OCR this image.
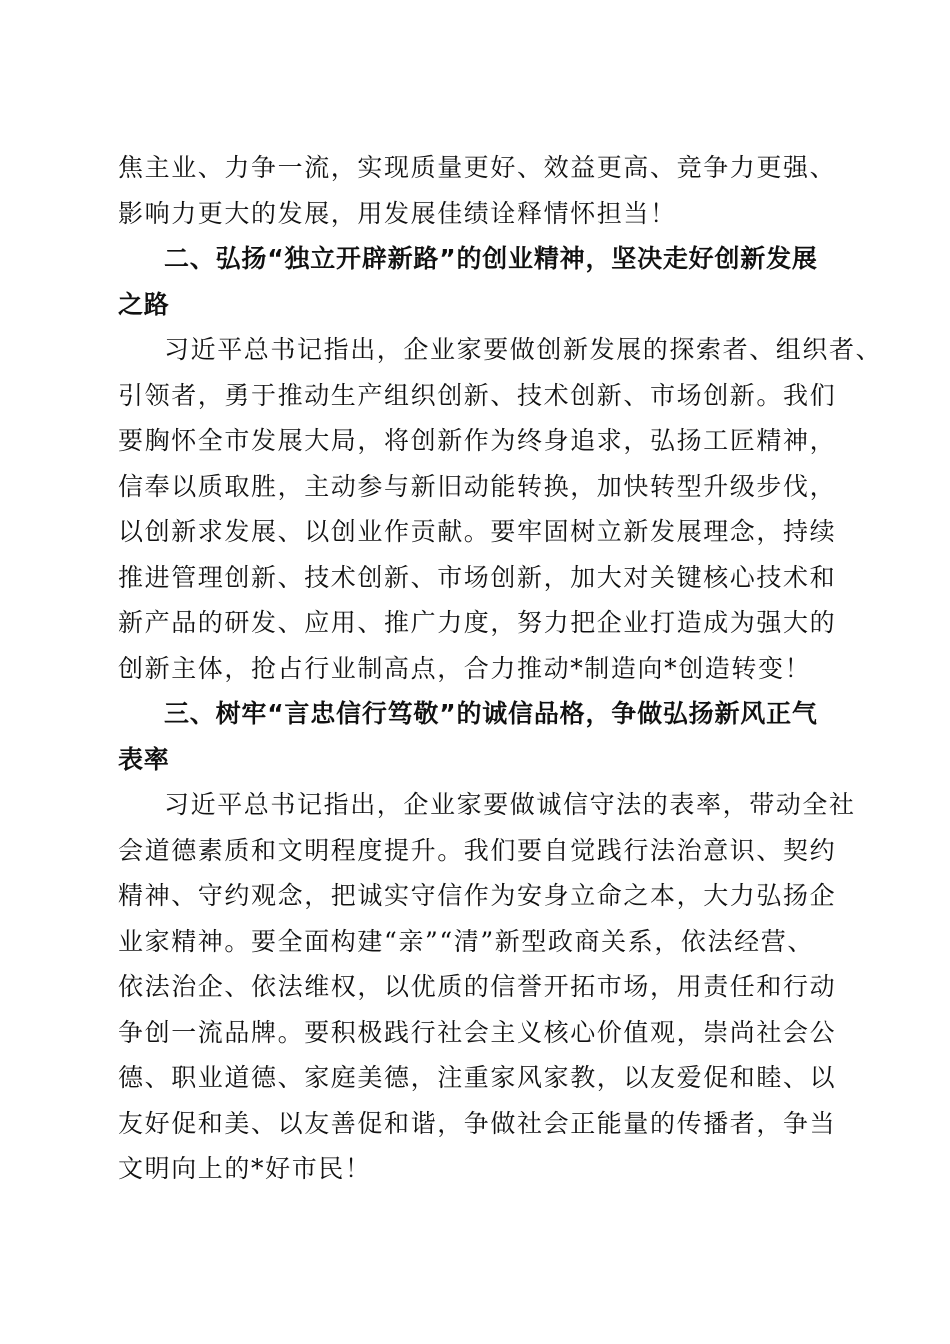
焦主业、力争一流，实现质量更好、效益更高、竞争力更强、
影响力更大的发展，用发展佳绩诠释情怀担当！
二、弘扬“独立开辟新路”的创业精神，坚决走好创新发展
之路
习近平总书记指出，企业家要做创新发展的探索者、组织者、
引领者，勇于推动生产组织创新、技术创新、市场创新。我们
要胸怀全市发展大局，将创新作为终身追求，弘扬工匠精神，
信奉以质取胜，主动参与新旧动能转换，加快转型升级步伐，
以创新求发展、以创业作贡献。要牢固树立新发展理念，持续
推进管理创新、技术创新、市场创新，加大对关键核心技术和
新产品的研发、应用、推广力度，努力把企业打造成为强大的
创新主体，抢占行业制高点，合力推动*制造向*创造转变！
三、树牢“言忠信行笃敬”的诚信品格，争做弘扬新风正气
表率
习近平总书记指出，企业家要做诚信守法的表率，带动全社
会道德素质和文明程度提升。我们要自觉践行法治意识、契约
精神、守约观念，把诚实守信作为安身立命之本，大力弘扬企
业家精神。要全面构建“亲”“清”新型政商关系，依法经营、
依法治企、依法维权，以优质的信誉开拓市场，用责任和行动
争创一流品牌。要积极践行社会主义核心价值观，崇尚社会公
德、职业道德、家庭美德，注重家风家教，以友爱促和睦、以
友好促和美、以友善促和谐，争做社会正能量的传播者，争当
文明向上的*好市民！
